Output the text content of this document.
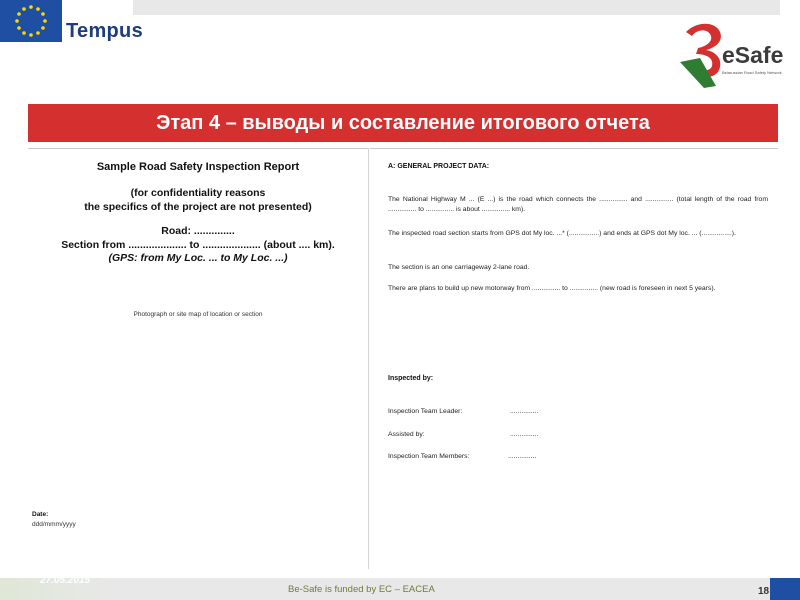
Tempus
eSafe
Belarussian Road Safety Network
Этап 4 – выводы и составление итогового отчета
Sample Road Safety Inspection Report
(for confidentiality reasons
the specifics of the project are not presented)
Road: ..............
Section from .................... to .................... (about .... km).
(GPS: from My Loc. ... to My Loc. ...)
Photograph or site map of location or section
Date:
ddd/mmm/yyyy
A: GENERAL PROJECT DATA:
The National Highway M ... (E ...) is the road which connects the ............... and ............... (total length of the road from ............... to ............... is about ............... km).
The inspected road section starts from GPS dot My loc. ...* (................) and ends at GPS dot My loc. ... (................).
The section is an one carriageway 2-lane road.
There are plans to build up new motorway from ............... to ............... (new road is foreseen in next 5 years).
Inspected by:
Inspection Team Leader:	...............
Assisted by:	...............
Inspection Team Members:	...............
27.05.2015
Be-Safe is funded by EC – EACEA	18
